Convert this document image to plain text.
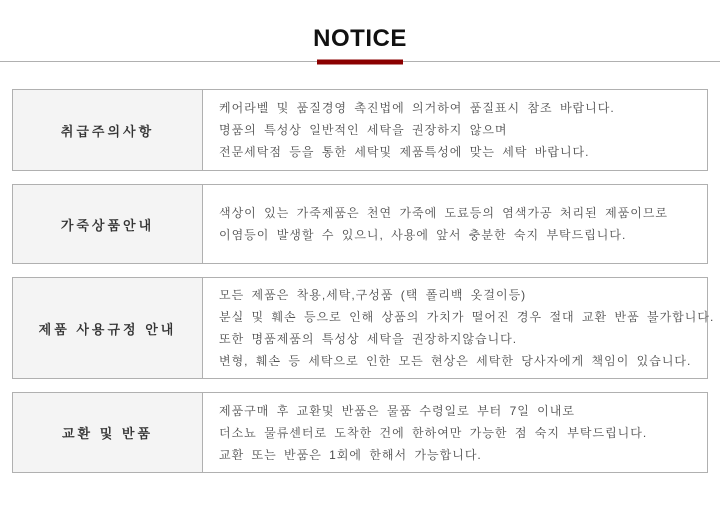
NOTICE
취급주의사항
케어라벨 및 품질경영 촉진법에 의거하여 품질표시 참조 바랍니다.
명품의 특성상 일반적인 세탁을 권장하지 않으며
전문세탁점 등을 통한 세탁및 제품특성에 맞는 세탁 바랍니다.
가죽상품안내
색상이 있는 가죽제품은 천연 가죽에 도료등의 염색가공 처리된 제품이므로
이염등이 발생할 수 있으니, 사용에 앞서 충분한 숙지 부탁드립니다.
제품 사용규정 안내
모든 제품은 착용,세탁,구성품 (택 폴리백 옷걸이등)
분실 및 훼손 등으로 인해 상품의 가치가 떨어진 경우 절대 교환 반품 불가합니다.
또한 명품제품의 특성상 세탁을 권장하지않습니다.
변형, 훼손 등 세탁으로 인한 모든 현상은 세탁한 당사자에게 책임이 있습니다.
교환 및 반품
제품구매 후 교환및 반품은 물품 수령일로 부터 7일 이내로
더소뇨 물류센터로 도착한 건에 한하여만 가능한 점 숙지 부탁드립니다.
교환 또는 반품은 1회에 한해서 가능합니다.
